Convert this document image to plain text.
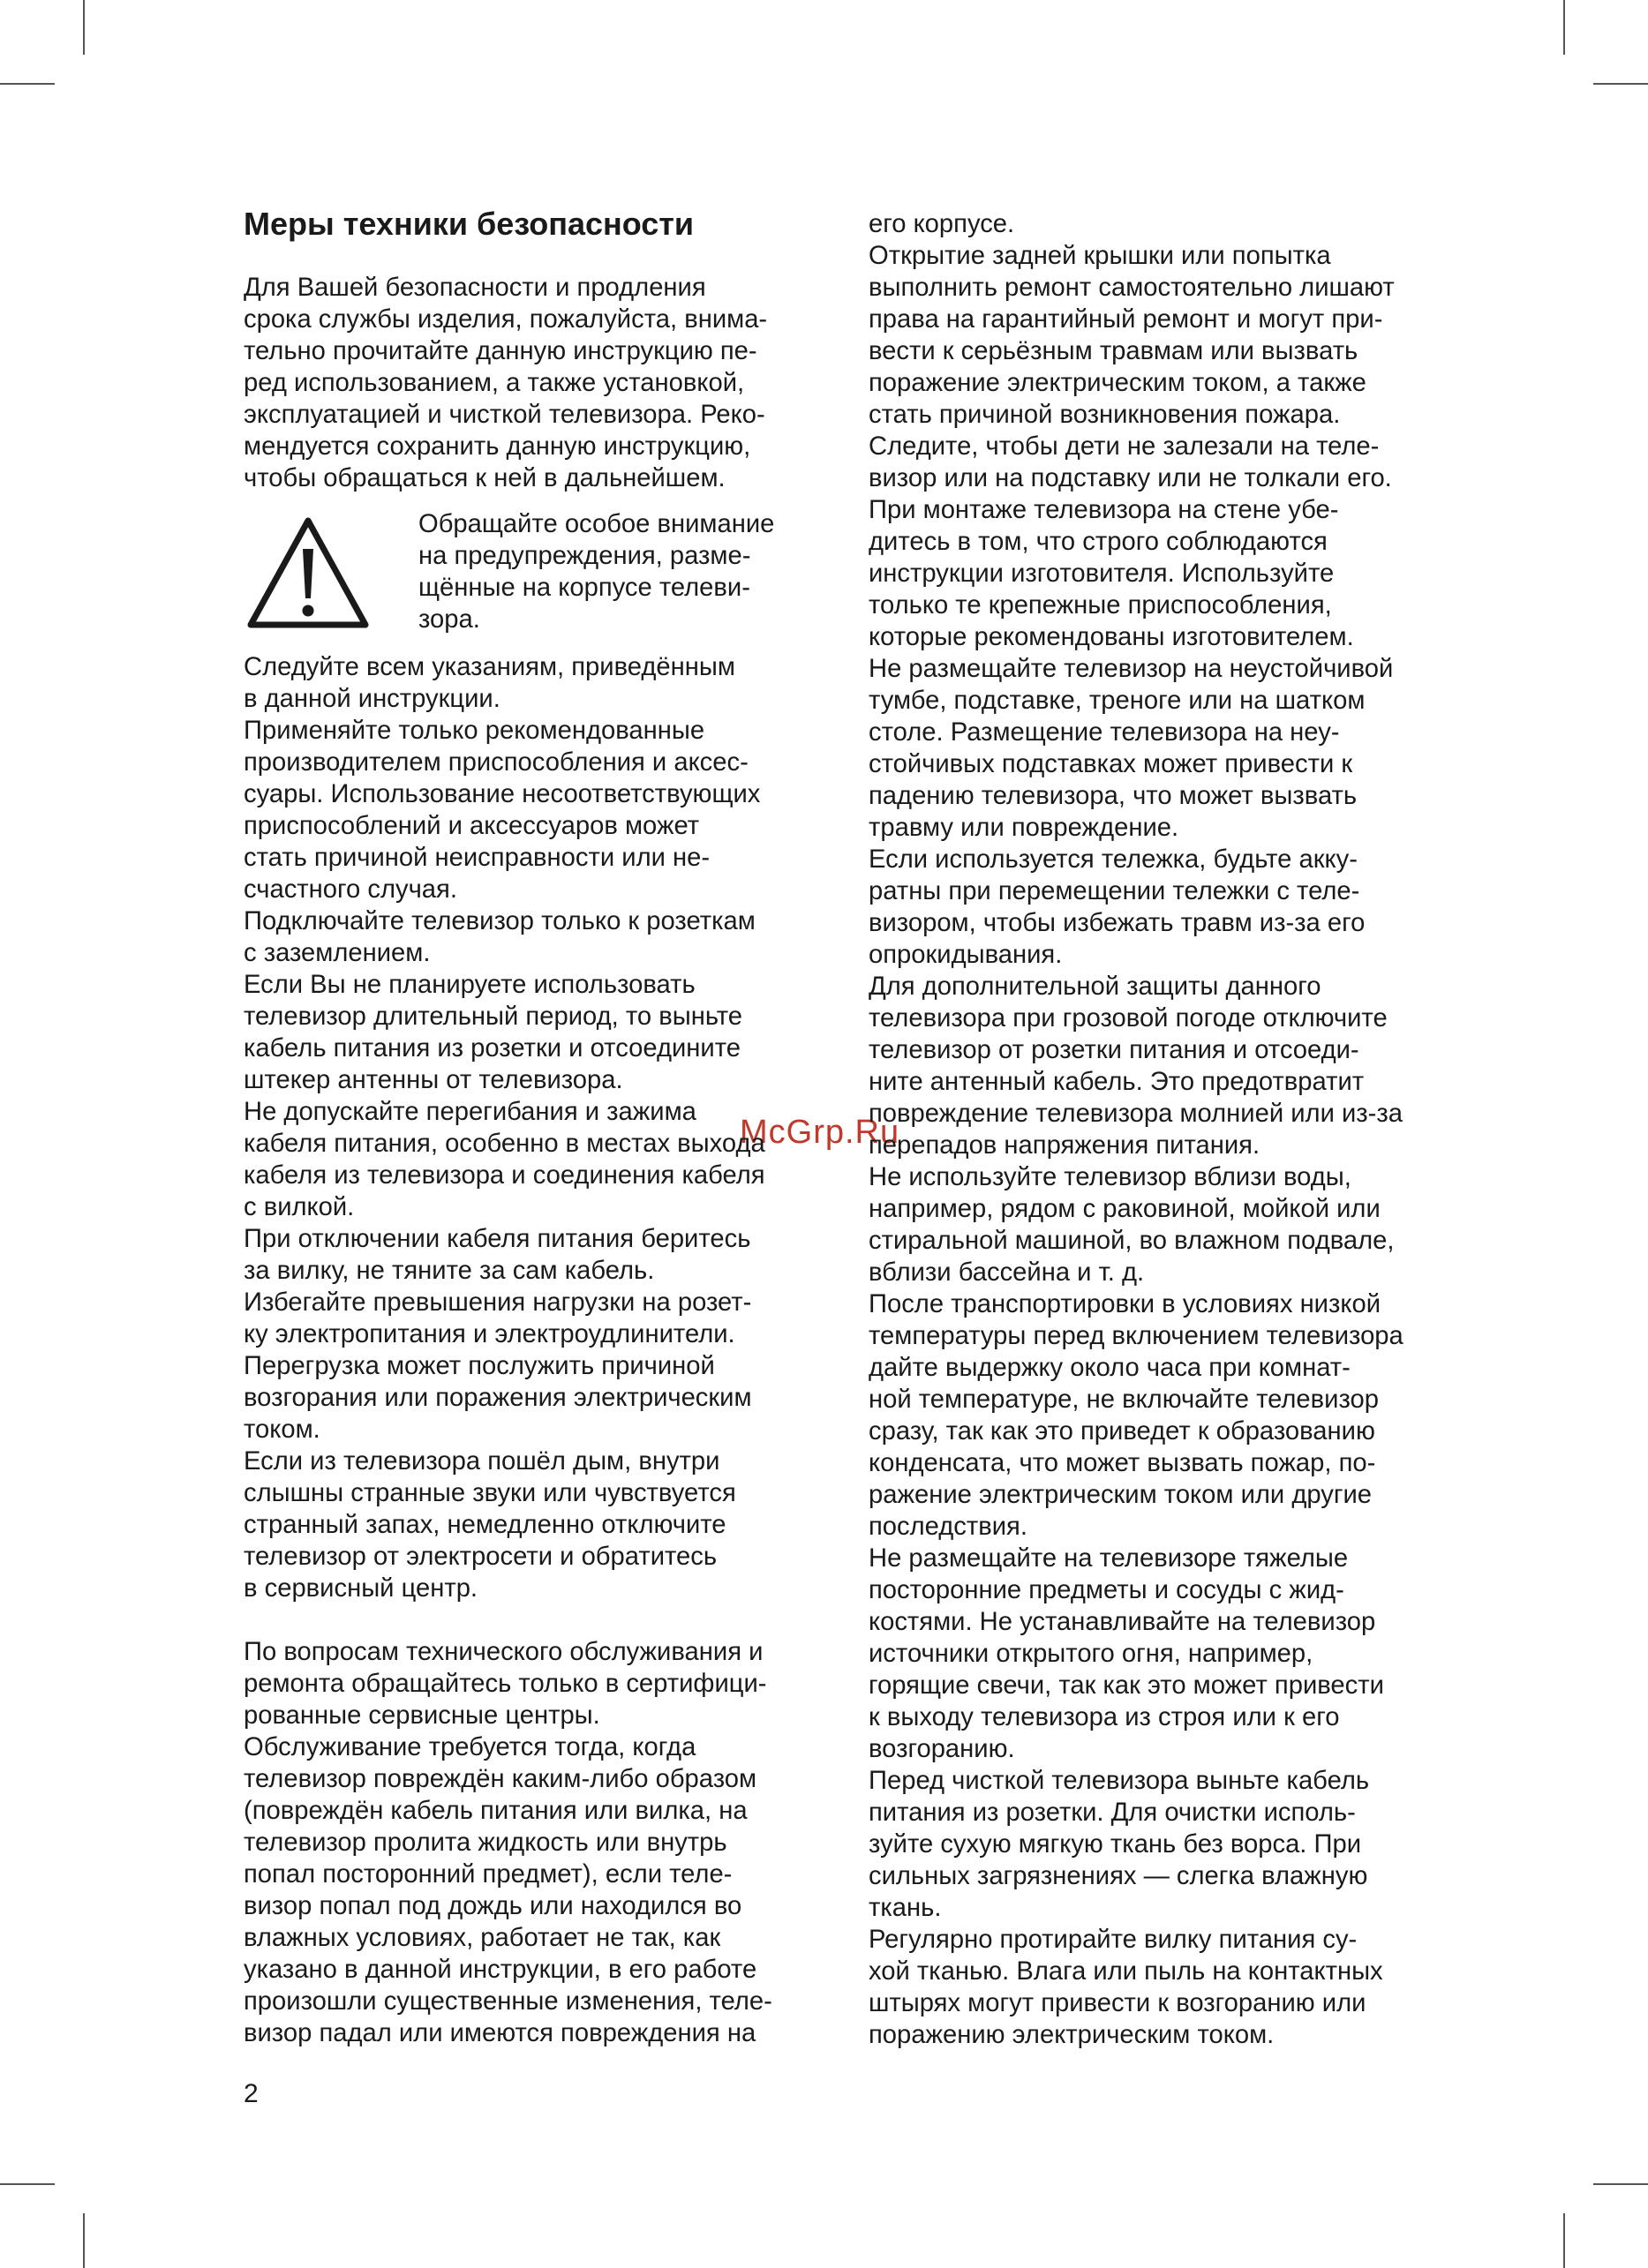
McGrp.Ru
Меры техники безопасности

Для Вашей безопасности и продления
срока службы изделия, пожалуйста, внима-
тельно прочитайте данную инструкцию пе-
ред использованием, а также установкой,
эксплуатацией и чисткой телевизора. Реко-
мендуется сохранить данную инструкцию,
чтобы обращаться к ней в дальнейшем.

Обращайте особое внимание
на предупреждения, разме-
щённые на корпусе телеви-
зора.

Следуйте всем указаниям, приведённым
в данной инструкции.

Применяйте только рекомендованные
производителем приспособления и аксес-
суары. Использование несоответствующих
приспособлений и аксессуаров может
стать причиной неисправности или не-
счастного случая.

Подключайте телевизор только к розеткам
с заземлением.

Если Вы не планируете использовать
телевизор длительный период, то выньте
кабель питания из розетки и отсоедините
штекер антенны от телевизора.

Не допускайте перегибания и зажима
кабеля питания, особенно в местах выхода
кабеля из телевизора и соединения кабеля
с вилкой.

При отключении кабеля питания беритесь
за вилку, не тяните за сам кабель.

Избегайте превышения нагрузки на розет-
ку электропитания и электроудлинители.
Перегрузка может послужить причиной
возгорания или поражения электрическим
током.

Если из телевизора пошёл дым, внутри
слышны странные звуки или чувствуется
странный запах, немедленно отключите
телевизор от электросети и обратитесь
в сервисный центр.

По вопросам технического обслуживания и
ремонта обращайтесь только в сертифици-
рованные сервисные центры.

Обслуживание требуется тогда, когда
телевизор повреждён каким-либо образом
(повреждён кабель питания или вилка, на
телевизор пролита жидкость или внутрь
попал посторонний предмет), если теле-
визор попал под дождь или находился во
влажных условиях, работает не так, как
указано в данной инструкции, в его работе
произошли существенные изменения, теле-
визор падал или имеются повреждения на

его корпусе.

Открытие задней крышки или попытка
выполнить ремонт самостоятельно лишают
права на гарантийный ремонт и могут при-
вести к серьёзным травмам или вызвать
поражение электрическим током, а также
стать причиной возникновения пожара.

Следите, чтобы дети не залезали на теле-
визор или на подставку или не толкали его.

При монтаже телевизора на стене убе-
дитесь в том, что строго соблюдаются
инструкции изготовителя. Используйте
только те крепежные приспособления,
которые рекомендованы изготовителем.

Не размещайте телевизор на неустойчивой
тумбе, подставке, треноге или на шатком
столе. Размещение телевизора на неу-
стойчивых подставках может привести к
падению телевизора, что может вызвать
травму или повреждение.

Если используется тележка, будьте акку-
ратны при перемещении тележки с теле-
визором, чтобы избежать травм из-за его
опрокидывания.

Для дополнительной защиты данного
телевизора при грозовой погоде отключите
телевизор от розетки питания и отсоеди-
ните антенный кабель. Это предотвратит
повреждение телевизора молнией или из-за
перепадов напряжения питания.

Не используйте телевизор вблизи воды,
например, рядом с раковиной, мойкой или
стиральной машиной, во влажном подвале,
вблизи бассейна и т. д.

После транспортировки в условиях низкой
температуры перед включением телевизора
дайте выдержку около часа при комнат-
ной температуре, не включайте телевизор
сразу, так как это приведет к образованию
конденсата, что может вызвать пожар, по-
ражение электрическим током или другие
последствия.

Не размещайте на телевизоре тяжелые
посторонние предметы и сосуды с жид-
костями. Не устанавливайте на телевизор
источники открытого огня, например,
горящие свечи, так как это может привести
к выходу телевизора из строя или к его
возгоранию.

Перед чисткой телевизора выньте кабель
питания из розетки. Для очистки исполь-
зуйте сухую мягкую ткань без ворса. При
сильных загрязнениях — слегка влажную
ткань.

Регулярно протирайте вилку питания су-
хой тканью. Влага или пыль на контактных
штырях могут привести к возгоранию или
поражению электрическим током.

2
